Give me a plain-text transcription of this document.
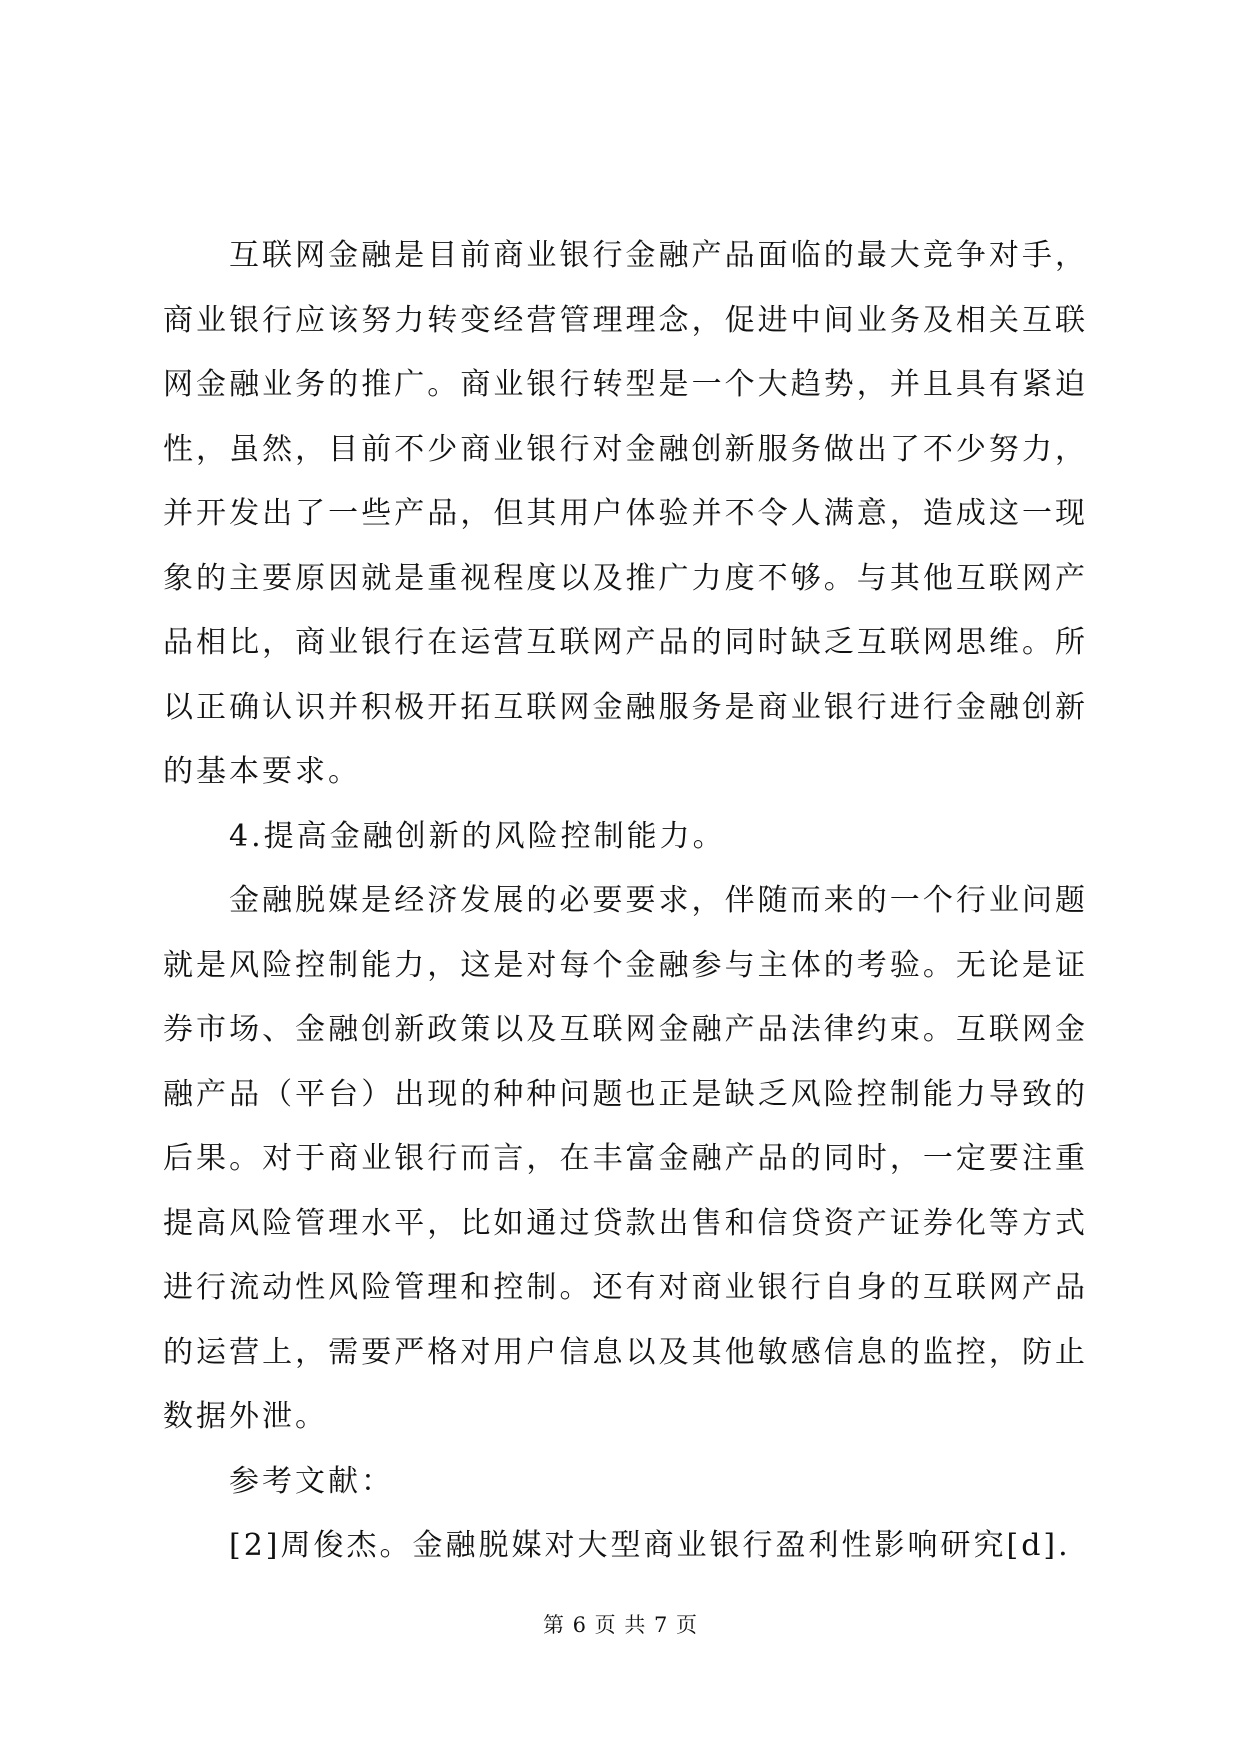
互联网金融是目前商业银行金融产品面临的最大竞争对手，商业银行应该努力转变经营管理理念，促进中间业务及相关互联网金融业务的推广。商业银行转型是一个大趋势，并且具有紧迫性，虽然，目前不少商业银行对金融创新服务做出了不少努力，并开发出了一些产品，但其用户体验并不令人满意，造成这一现象的主要原因就是重视程度以及推广力度不够。与其他互联网产品相比，商业银行在运营互联网产品的同时缺乏互联网思维。所以正确认识并积极开拓互联网金融服务是商业银行进行金融创新的基本要求。

4.提高金融创新的风险控制能力。

金融脱媒是经济发展的必要要求，伴随而来的一个行业问题就是风险控制能力，这是对每个金融参与主体的考验。无论是证券市场、金融创新政策以及互联网金融产品法律约束。互联网金融产品（平台）出现的种种问题也正是缺乏风险控制能力导致的后果。对于商业银行而言，在丰富金融产品的同时，一定要注重提高风险管理水平，比如通过贷款出售和信贷资产证券化等方式进行流动性风险管理和控制。还有对商业银行自身的互联网产品的运营上，需要严格对用户信息以及其他敏感信息的监控，防止数据外泄。

参考文献：

[2]周俊杰。金融脱媒对大型商业银行盈利性影响研究[d].

第 6 页 共 7 页
